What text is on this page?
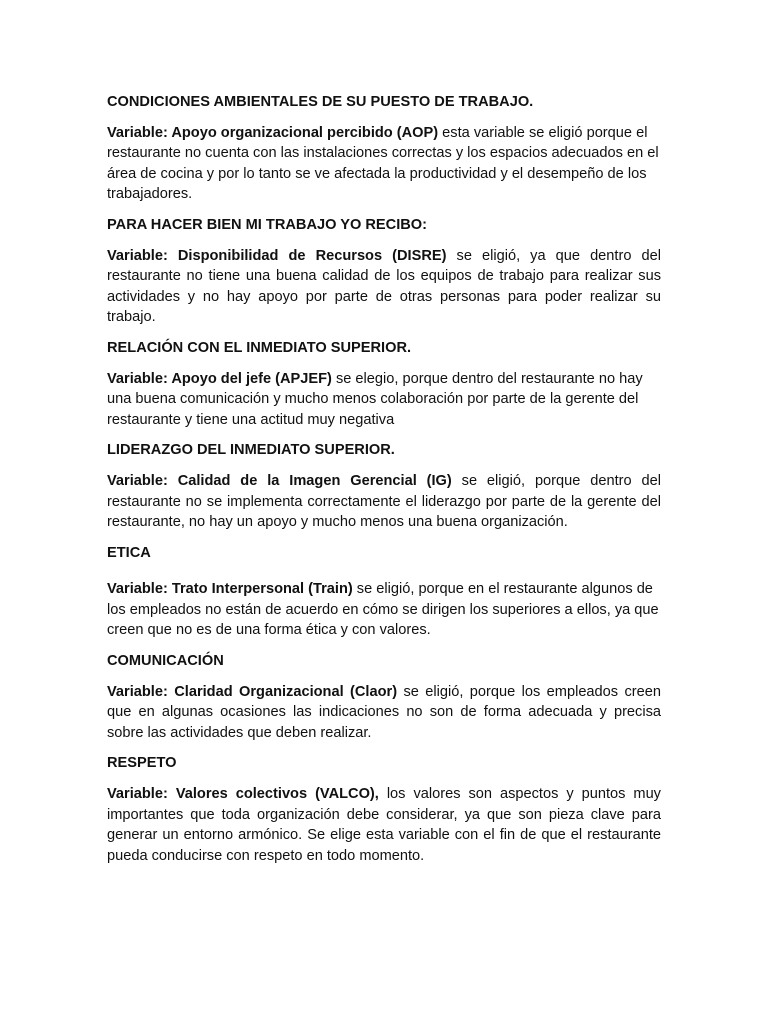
CONDICIONES AMBIENTALES DE SU PUESTO DE TRABAJO.
Variable: Apoyo organizacional percibido (AOP) esta variable se eligió porque el restaurante no cuenta con las instalaciones correctas y los espacios adecuados en el área de cocina y por lo tanto se ve afectada la productividad y el desempeño de los trabajadores.
PARA HACER BIEN MI TRABAJO YO RECIBO:
Variable: Disponibilidad de Recursos (DISRE) se eligió, ya que dentro del restaurante no tiene una buena calidad de los equipos de trabajo para realizar sus actividades y no hay apoyo por parte de otras personas para poder realizar su trabajo.
RELACIÓN CON EL INMEDIATO SUPERIOR.
Variable: Apoyo del jefe (APJEF) se elegio, porque dentro del restaurante no hay una buena comunicación y mucho menos colaboración por parte de la gerente del restaurante y tiene una actitud muy negativa
LIDERAZGO DEL INMEDIATO SUPERIOR.
Variable: Calidad de la Imagen Gerencial (IG) se eligió, porque dentro del restaurante no se implementa correctamente el liderazgo por parte de la gerente del restaurante, no hay un apoyo y mucho menos una buena organización.
ETICA
Variable: Trato Interpersonal (Train) se eligió, porque en el restaurante algunos de los empleados no están de acuerdo en cómo se dirigen los superiores a ellos, ya que creen que no es de una forma ética y con valores.
COMUNICACIÓN
Variable: Claridad Organizacional (Claor) se eligió, porque los empleados creen que en algunas ocasiones las indicaciones no son de forma adecuada y precisa sobre las actividades que deben realizar.
RESPETO
Variable: Valores colectivos (VALCO), los valores son aspectos y puntos muy importantes que toda organización debe considerar, ya que son pieza clave para generar un entorno armónico. Se elige esta variable con el fin de que el restaurante pueda conducirse con respeto en todo momento.
